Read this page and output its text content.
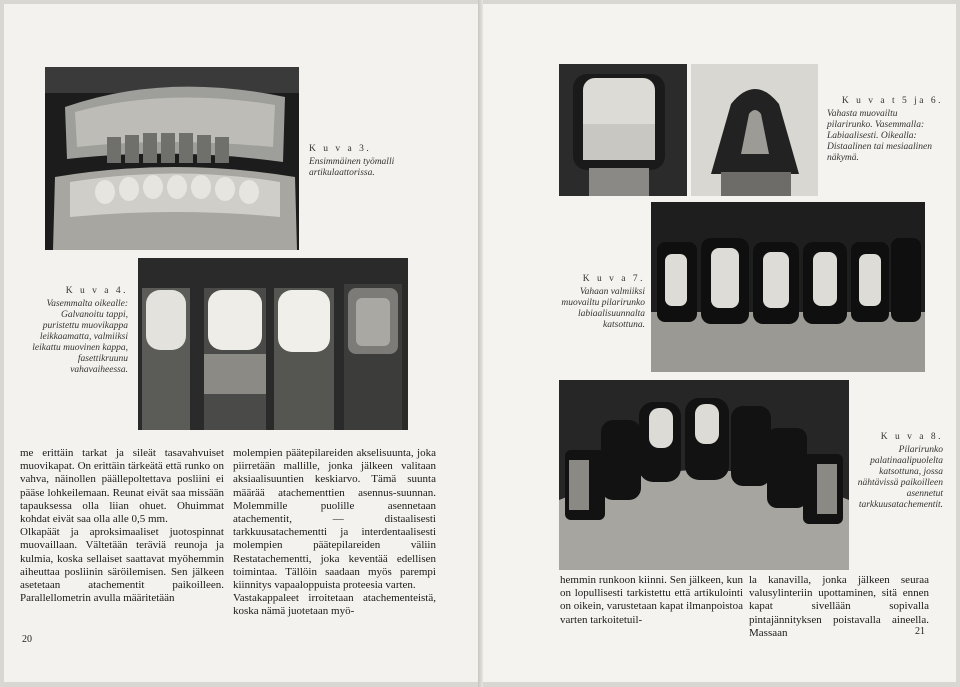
K u v a 3.
Ensimmäinen työmalli artikulaattorissa.
K u v a 4.
Vasemmalta oikealle: Galvanoitu tappi, puristettu muovikappa leikkaamatta, valmiiksi leikattu muovinen kappa, fasettikruunu vahavaiheessa.
me erittäin tarkat ja sileät tasavahvuiset muovikapat. On erittäin tärkeätä että runko on vahva, näinollen päällepoltettava posliini ei pääse lohkeilemaan. Reunat eivät saa missään tapauksessa olla liian ohuet. Ohuimmat kohdat eivät saa olla alle 0,5 mm.
Olkapäät ja aproksimaaliset juotospinnat muovaillaan. Vältetään teräviä reunoja ja kulmia, koska sellaiset saattavat myöhemmin aiheuttaa posliinin säröilemisen. Sen jälkeen asetetaan atachementit paikoilleen. Parallellometrin avulla määritetään
molempien päätepilareiden akselisuunta, joka piirretään mallille, jonka jälkeen valitaan aksiaalisuuntien keskiarvo. Tämä suunta määrää atachementtien asennus-suunnan. Molemmille puolille asennetaan atachementit, — distaalisesti tarkkuusatachementti ja interdentaalisesti molempien päätepilareiden väliin Restatachementti, joka keventää edellisen toimintaa. Tällöin saadaan myös parempi kiinnitys vapaaloppuista proteesia varten.
Vastakappaleet irroitetaan atachementeistä, koska nämä juotetaan myö-
20
K u v a t 5 ja 6.
Vahasta muovailtu pilarirunko. Vasemmalla: Labiaalisesti. Oikealla: Distaalinen tai mesiaalinen näkymä.
K u v a 7.
Vahaan valmiiksi muovailtu pilarirunko labiaalisuunnalta katsottuna.
K u v a 8.
Pilarirunko palatinaalipuolelta katsottuna, jossa nähtävissä paikoilleen asennetut tarkkuusatachementit.
hemmin runkoon kiinni. Sen jälkeen, kun on lopullisesti tarkistettu että artikulointi on oikein, varustetaan kapat ilmanpoistoa varten tarkoitetuil-
la kanavilla, jonka jälkeen seuraa valusylinteriin upottaminen, sitä ennen kapat sivellään sopivalla pintajännityksen poistavalla aineella. Massaan	21
